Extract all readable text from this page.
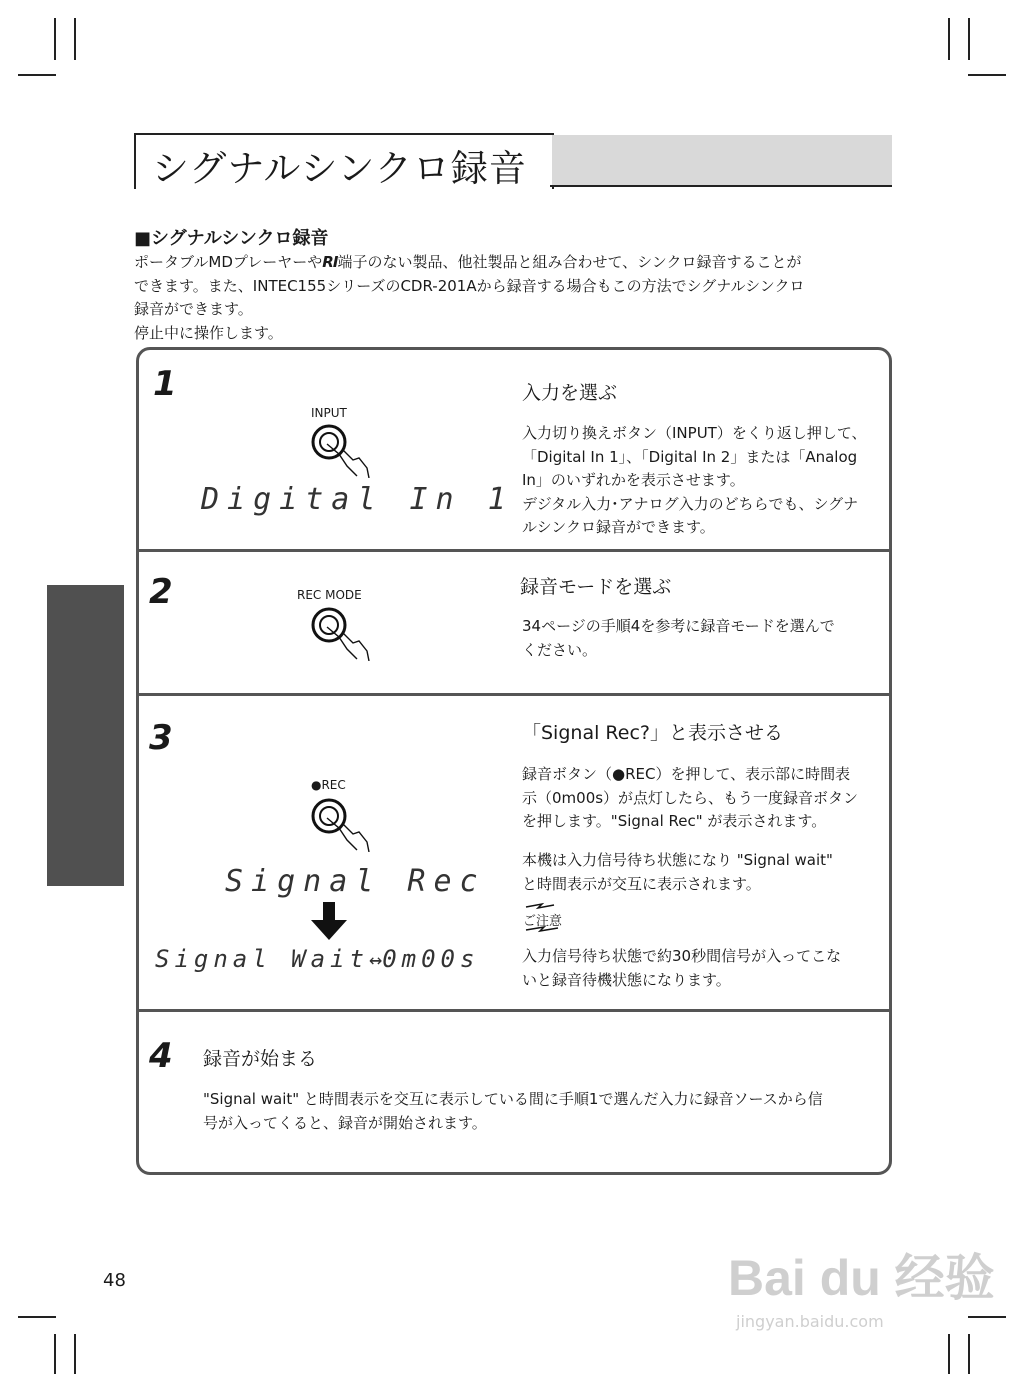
シグナルシンクロ録音
■シグナルシンクロ録音

ポータブルMDプレーヤーやRI端子のない製品、他社製品と組み合わせて、シンクロ録音することが

できます。また、INTEC155シリーズのCDR-201Aから録音する場合もこの方法でシグナルシンクロ

録音ができます。

停止中に操作します。

1
INPUT
Digital In 1
入力を選ぶ

入力切り換えボタン（INPUT）をくり返し押して、

「Digital In 1」、「Digital In 2」または「Analog

In」のいずれかを表示させます。

デジタル入力･アナログ入力のどちらでも、シグナ

ルシンクロ録音ができます。

2	REC MODE	録音モードを選ぶ

34ページの手順4を参考に録音モードを選んで

ください。

3
●REC
Signal Rec
Signal Wait↔0m00s
「Signal Rec?」と表示させる

録音ボタン（●REC）を押して、表示部に時間表

示（0m00s）が点灯したら、もう一度録音ボタン

を押します。"Signal Rec" が表示されます。

本機は入力信号待ち状態になり "Signal wait"

と時間表示が交互に表示されます。

ご注意

入力信号待ち状態で約30秒間信号が入ってこな

いと録音待機状態になります。

4 録音が始まる

"Signal wait" と時間表示を交互に表示している間に手順1で選んだ入力に録音ソースから信

号が入ってくると、録音が開始されます。

48	Bai du 经验
jingyan.baidu.com
